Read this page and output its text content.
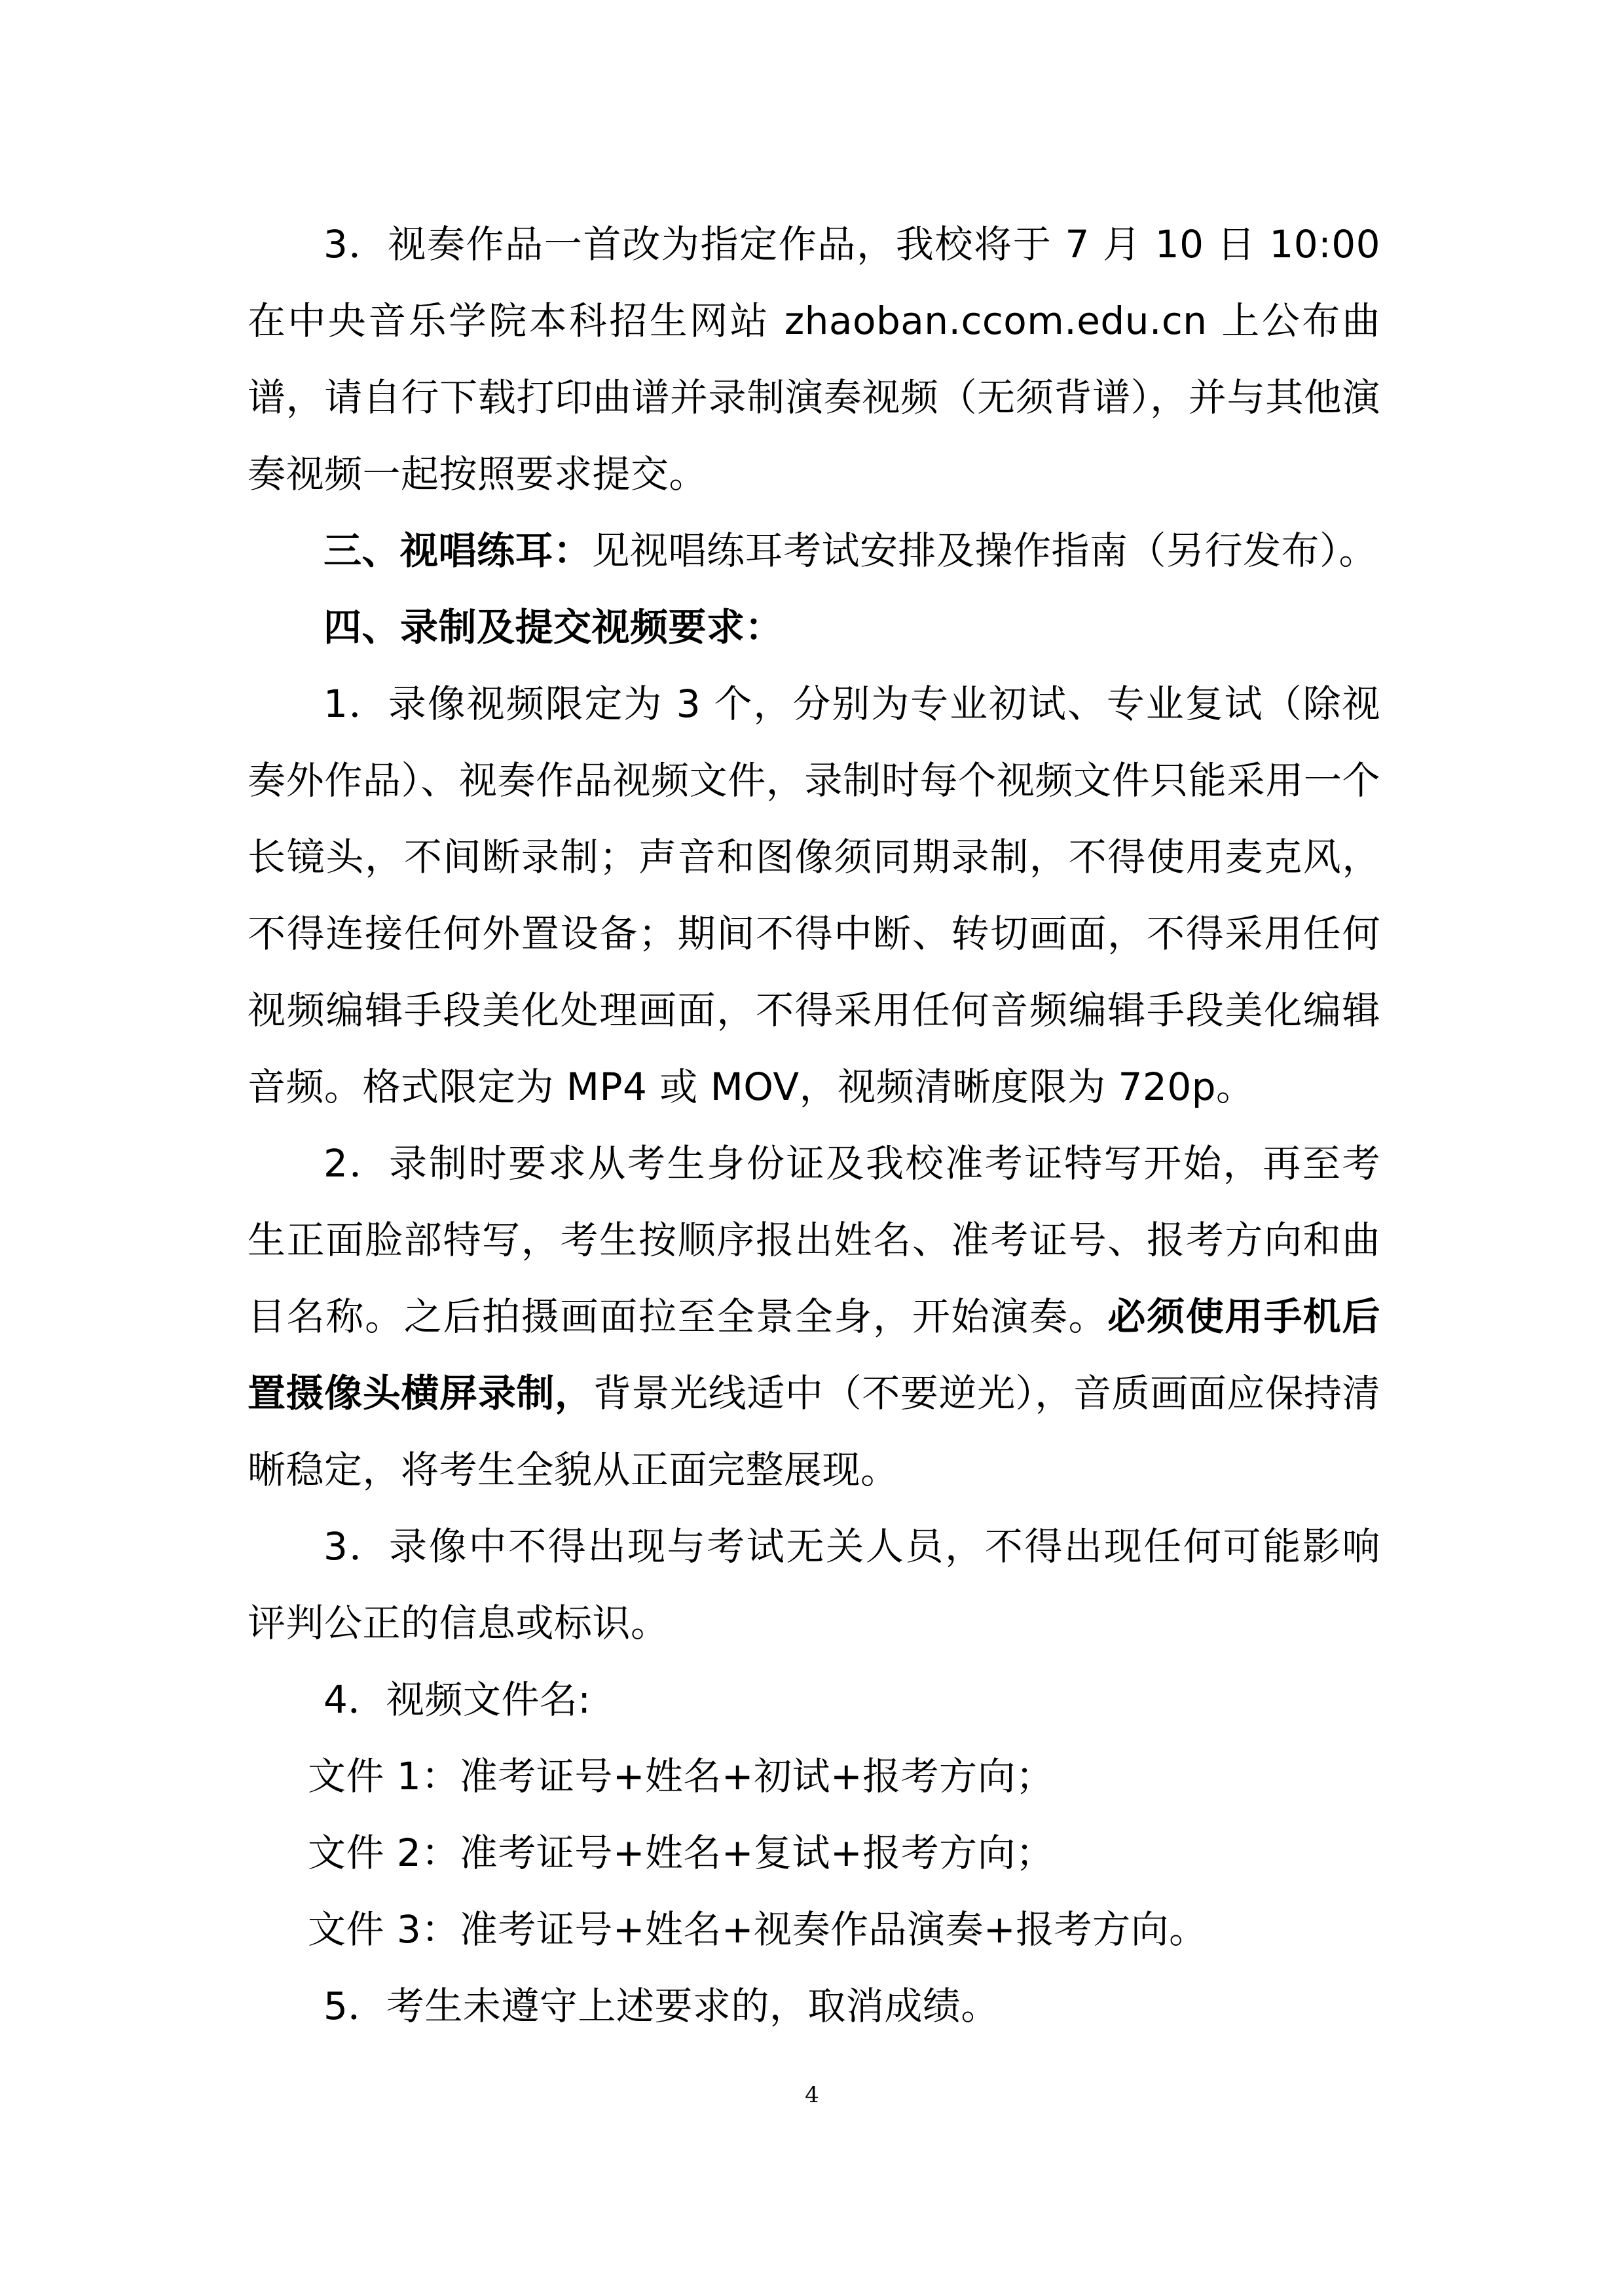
3．视奏作品一首改为指定作品，我校将于 7 月 10 日 10:00 在中央音乐学院本科招生网站 zhaoban.ccom.edu.cn 上公布曲谱，请自行下载打印曲谱并录制演奏视频（无须背谱），并与其他演奏视频一起按照要求提交。

三、视唱练耳：见视唱练耳考试安排及操作指南（另行发布）。

四、录制及提交视频要求：

1．录像视频限定为 3 个，分别为专业初试、专业复试（除视奏外作品）、视奏作品视频文件，录制时每个视频文件只能采用一个长镜头，不间断录制；声音和图像须同期录制，不得使用麦克风，不得连接任何外置设备；期间不得中断、转切画面，不得采用任何视频编辑手段美化处理画面，不得采用任何音频编辑手段美化编辑音频。格式限定为 MP4 或 MOV，视频清晰度限为 720p。

2．录制时要求从考生身份证及我校准考证特写开始，再至考生正面脸部特写，考生按顺序报出姓名、准考证号、报考方向和曲目名称。之后拍摄画面拉至全景全身，开始演奏。必须使用手机后置摄像头横屏录制，背景光线适中（不要逆光），音质画面应保持清晰稳定，将考生全貌从正面完整展现。

3．录像中不得出现与考试无关人员，不得出现任何可能影响评判公正的信息或标识。

4．视频文件名:

文件 1：准考证号+姓名+初试+报考方向；

文件 2：准考证号+姓名+复试+报考方向；

文件 3：准考证号+姓名+视奏作品演奏+报考方向。

5．考生未遵守上述要求的，取消成绩。

4
